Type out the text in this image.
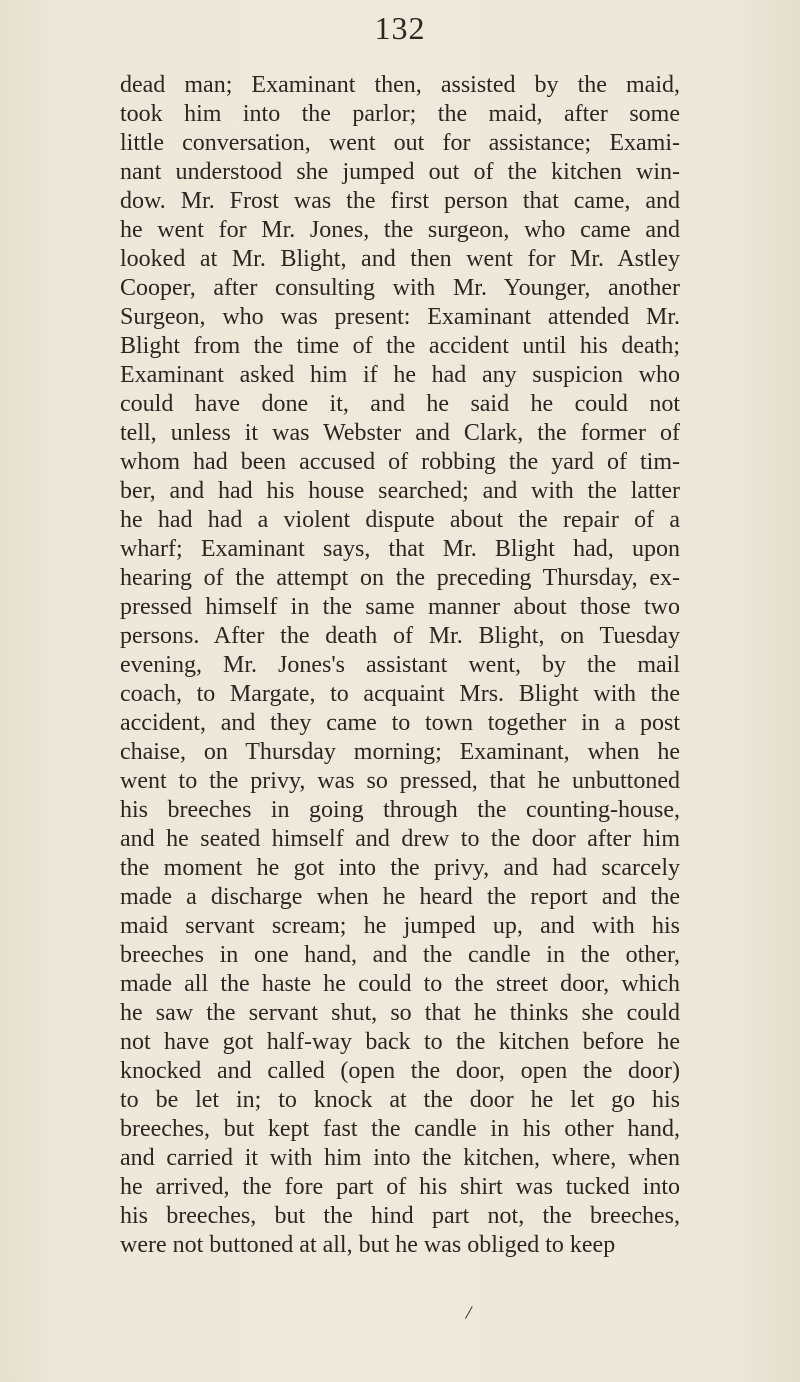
132
dead man; Examinant then, assisted by the maid,
took him into the parlor; the maid, after some
little conversation, went out for assistance; Exami-
nant understood she jumped out of the kitchen win-
dow. Mr. Frost was the first person that came, and
he went for Mr. Jones, the surgeon, who came and
looked at Mr. Blight, and then went for Mr. Astley
Cooper, after consulting with Mr. Younger, another
Surgeon, who was present: Examinant attended Mr.
Blight from the time of the accident until his death;
Examinant asked him if he had any suspicion who
could have done it, and he said he could not
tell, unless it was Webster and Clark, the former of
whom had been accused of robbing the yard of tim-
ber, and had his house searched; and with the latter
he had had a violent dispute about the repair of a
wharf; Examinant says, that Mr. Blight had, upon
hearing of the attempt on the preceding Thursday, ex-
pressed himself in the same manner about those two
persons. After the death of Mr. Blight, on Tuesday
evening, Mr. Jones's assistant went, by the mail
coach, to Margate, to acquaint Mrs. Blight with the
accident, and they came to town together in a post
chaise, on Thursday morning; Examinant, when he
went to the privy, was so pressed, that he unbuttoned
his breeches in going through the counting-house,
and he seated himself and drew to the door after him
the moment he got into the privy, and had scarcely
made a discharge when he heard the report and the
maid servant scream; he jumped up, and with his
breeches in one hand, and the candle in the other,
made all the haste he could to the street door, which
he saw the servant shut, so that he thinks she could
not have got half-way back to the kitchen before he
knocked and called (open the door, open the door)
to be let in; to knock at the door he let go his
breeches, but kept fast the candle in his other hand,
and carried it with him into the kitchen, where, when
he arrived, the fore part of his shirt was tucked into
his breeches, but the hind part not, the breeches,
were not buttoned at all, but he was obliged to keep
/
